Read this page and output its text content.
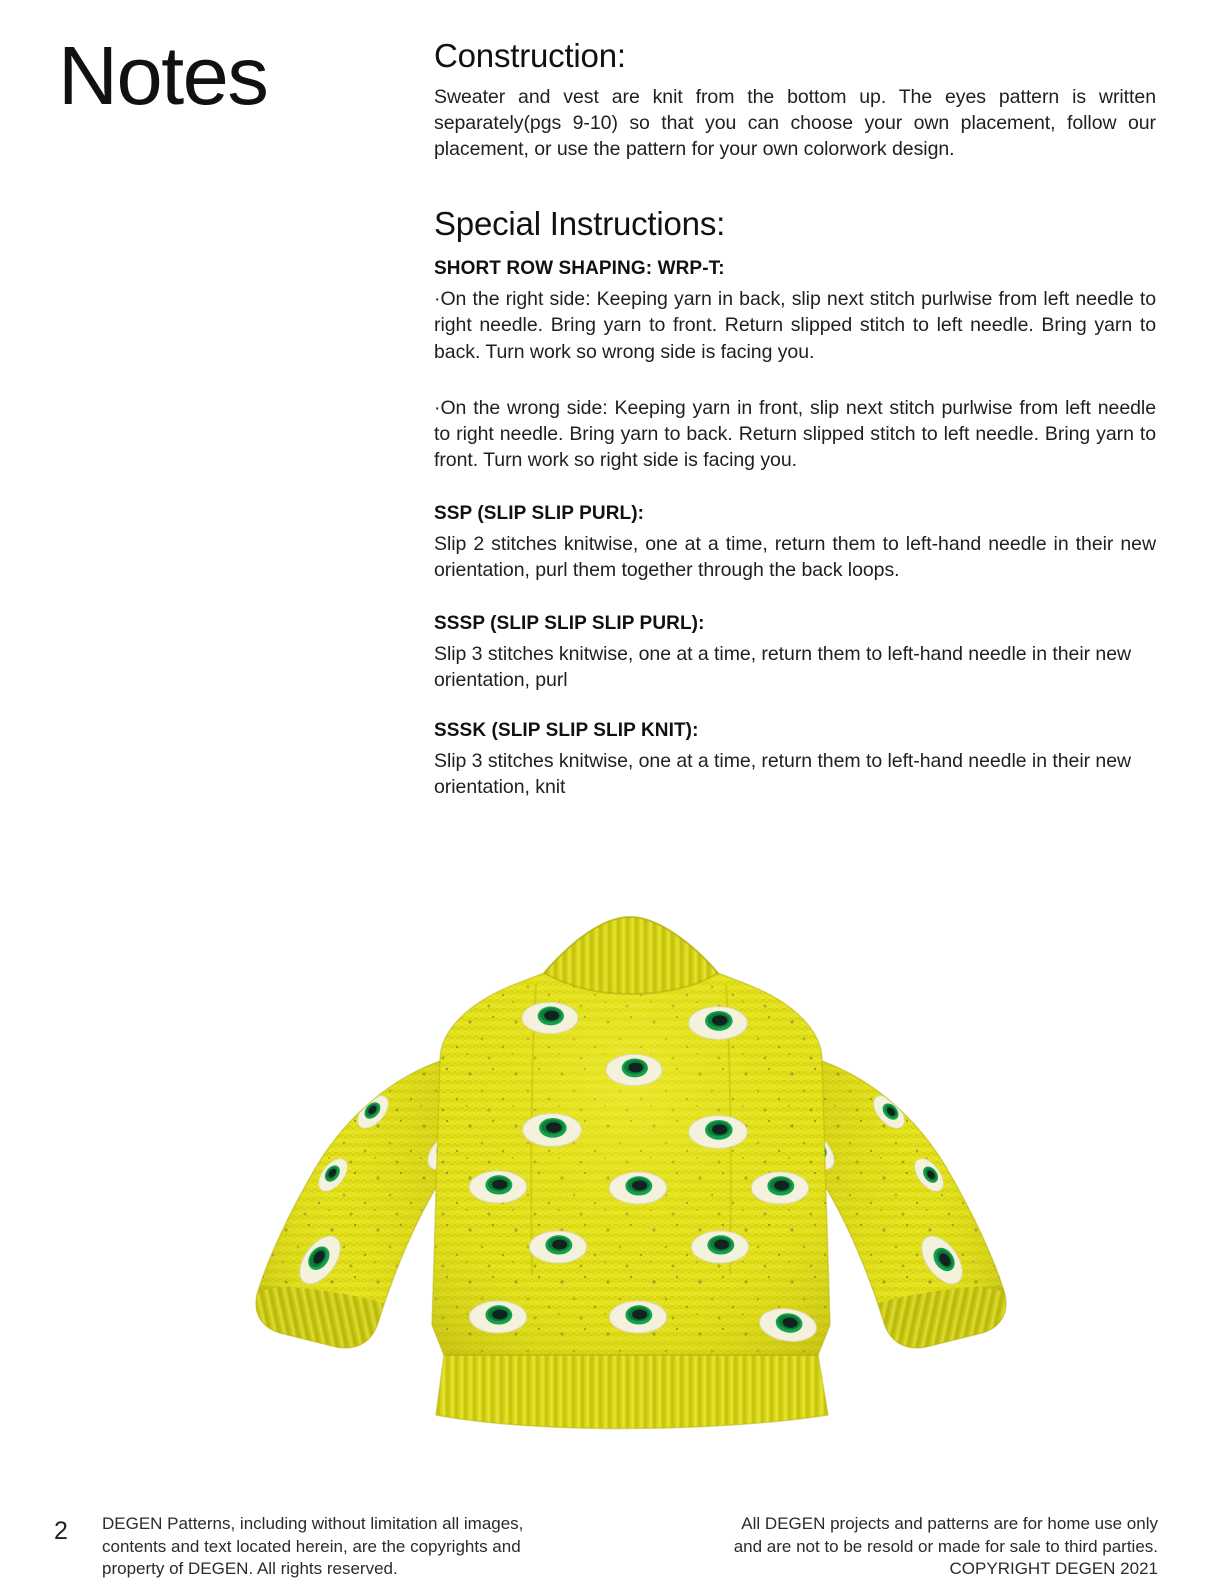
Notes	Construction:

Sweater and vest are knit from the bottom up. The eyes pattern is written separately(pgs 9-10) so that you can choose your own placement, follow our placement, or use the pattern for your own colorwork design.

Special Instructions:
SHORT ROW SHAPING: WRP-T:

·On the right side: Keeping yarn in back, slip next stitch purlwise from left needle to right needle. Bring yarn to front. Return slipped stitch to left needle. Bring yarn to back. Turn work so wrong side is facing you.

·On the wrong side: Keeping yarn in front, slip next stitch purlwise from left needle to right needle. Bring yarn to back. Return slipped stitch to left needle. Bring yarn to front. Turn work so right side is facing you.

SSP (SLIP SLIP PURL):

Slip 2 stitches knitwise, one at a time, return them to left-hand needle in their new orientation, purl them together through the back loops.

SSSP (SLIP SLIP SLIP PURL):

Slip 3 stitches knitwise, one at a time, return them to left-hand needle in their new orientation, purl

SSSK (SLIP SLIP SLIP KNIT):

Slip 3 stitches knitwise, one at a time, return them to left-hand needle in their new orientation, knit

2 DEGEN Patterns, including without limitation all images,
contents and text located herein, are the copyrights and
property of DEGEN. All rights reserved.
All DEGEN projects and patterns are for home use only
and are not to be resold or made for sale to third parties.
COPYRIGHT DEGEN 2021
